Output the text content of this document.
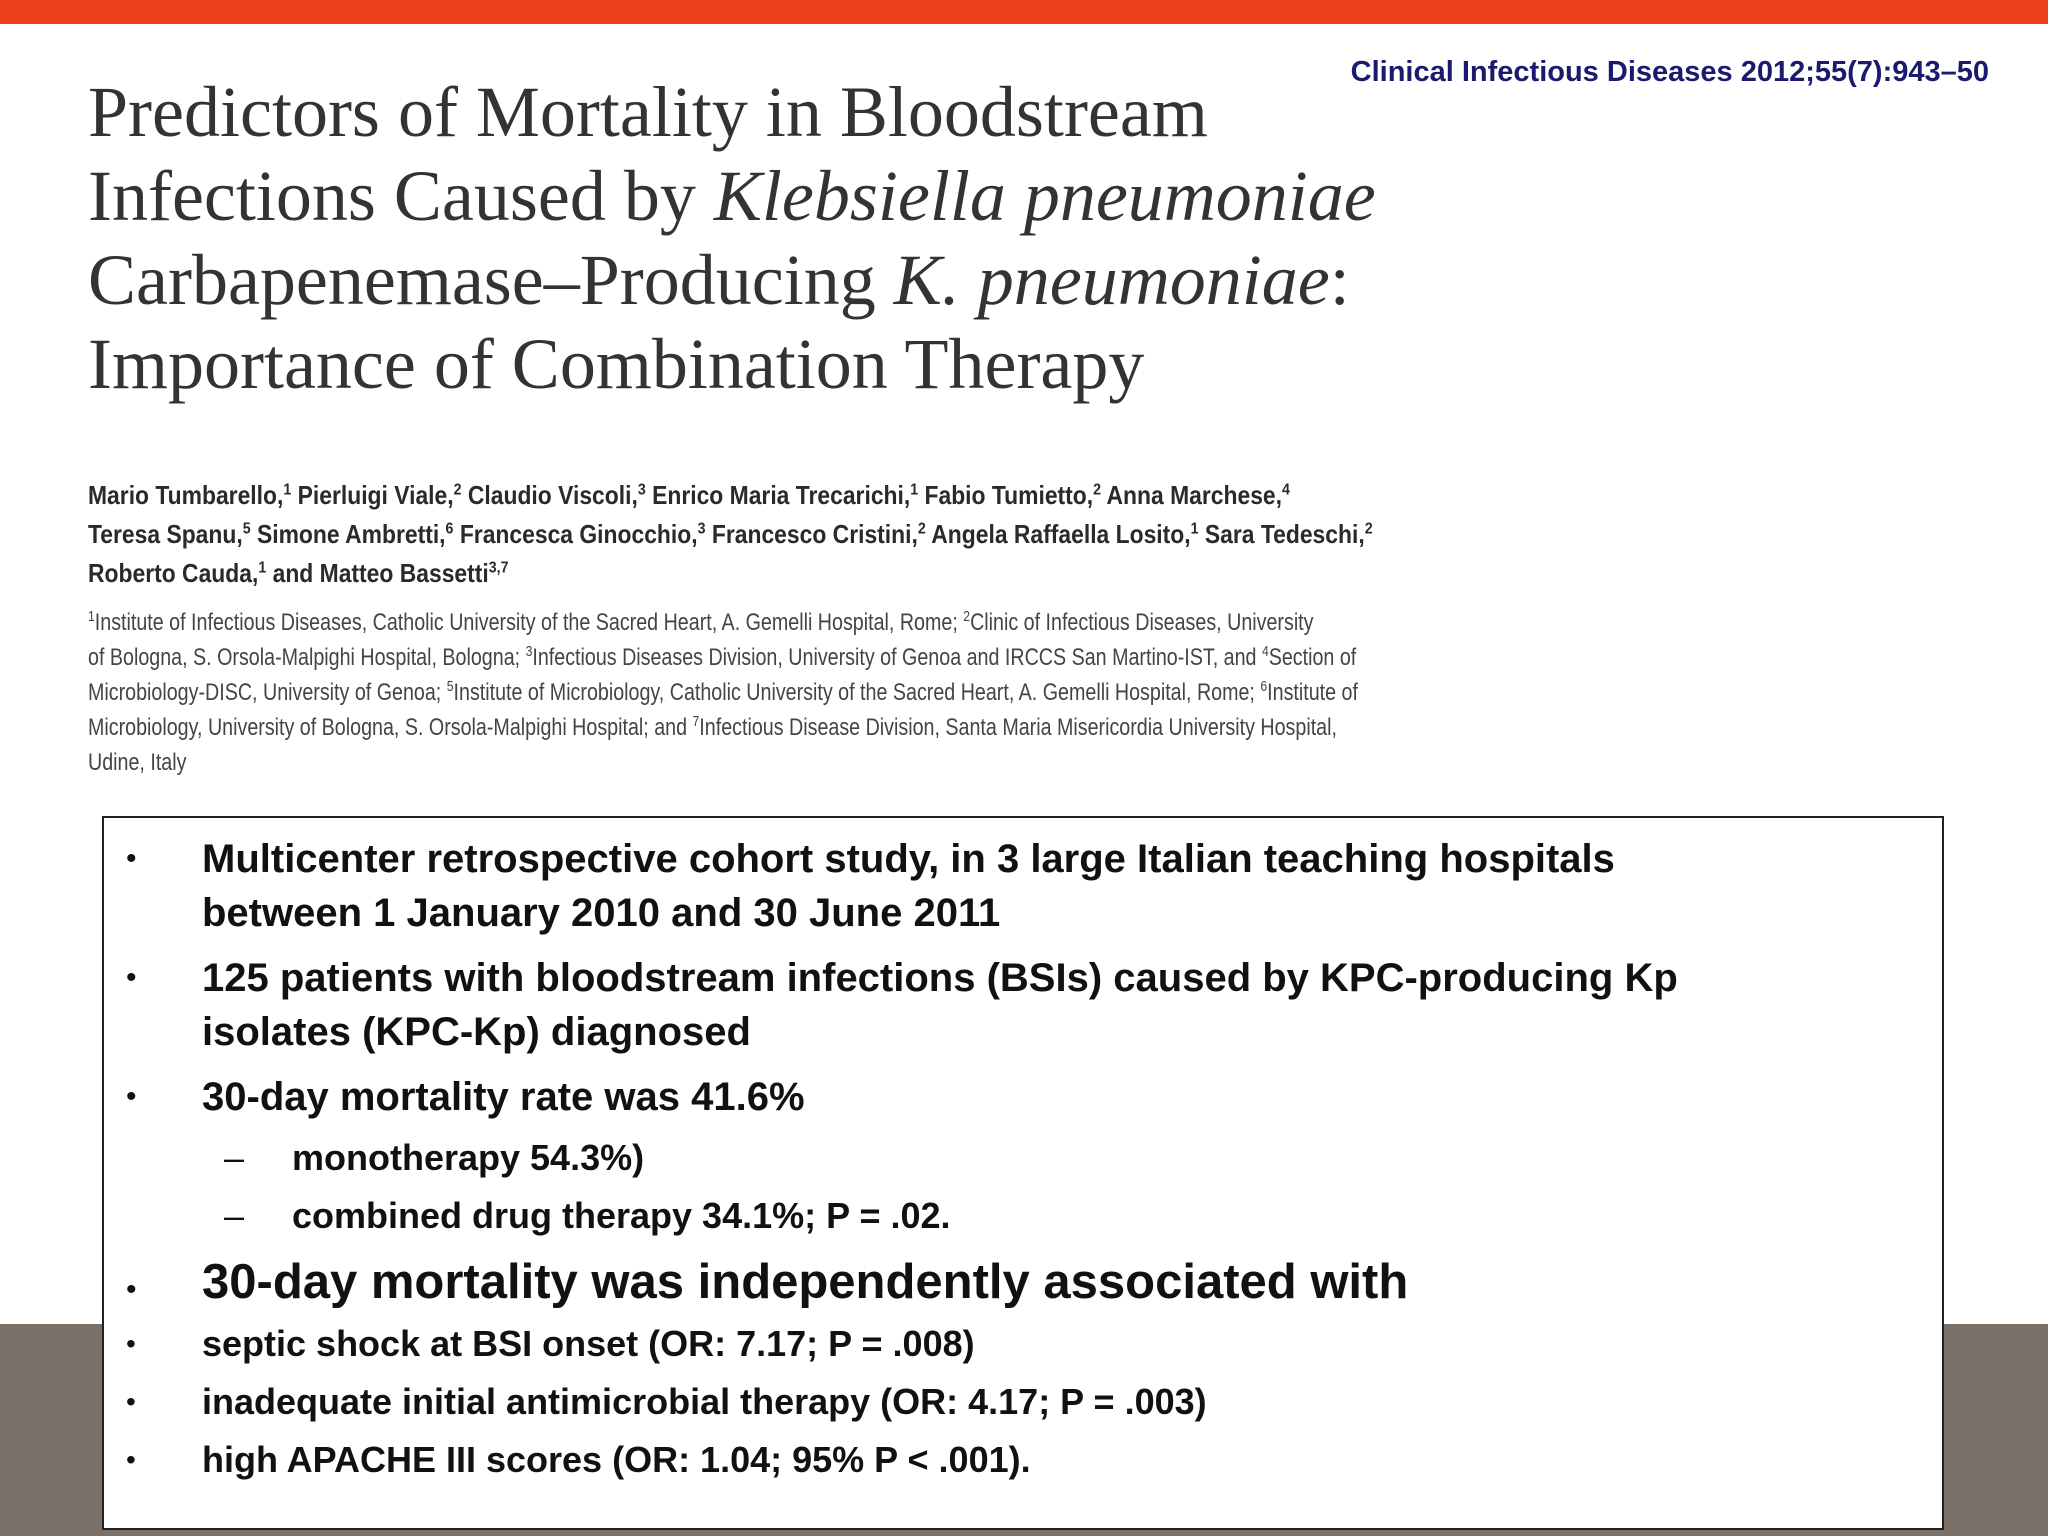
Clinical Infectious Diseases 2012;55(7):943–50
Predictors of Mortality in Bloodstream
Infections Caused by Klebsiella pneumoniae
Carbapenemase–Producing K. pneumoniae:
Importance of Combination Therapy
Mario Tumbarello,$^1$ Pierluigi Viale,$^2$ Claudio Viscoli,$^3$ Enrico Maria Trecarichi,$^1$ Fabio Tumietto,$^2$ Anna Marchese,$^4$
Teresa Spanu,$^5$ Simone Ambretti,$^6$ Francesca Ginocchio,$^3$ Francesco Cristini,$^2$ Angela Raffaella Losito,$^1$ Sara Tedeschi,$^2$
Roberto Cauda,$^1$ and Matteo Bassetti$^{3,7}$
$^1$Institute of Infectious Diseases, Catholic University of the Sacred Heart, A. Gemelli Hospital, Rome; $^2$Clinic of Infectious Diseases, University
of Bologna, S. Orsola-Malpighi Hospital, Bologna; $^3$Infectious Diseases Division, University of Genoa and IRCCS San Martino-IST, and $^4$Section of
Microbiology-DISC, University of Genoa; $^5$Institute of Microbiology, Catholic University of the Sacred Heart, A. Gemelli Hospital, Rome; $^6$Institute of
Microbiology, University of Bologna, S. Orsola-Malpighi Hospital; and $^7$Infectious Disease Division, Santa Maria Misericordia University Hospital,
Udine, Italy
• Multicenter retrospective cohort study, in 3 large Italian teaching hospitals
between 1 January 2010 and 30 June 2011
• 125 patients with bloodstream infections (BSIs) caused by KPC-producing Kp
isolates (KPC-Kp) diagnosed
• 30-day mortality rate was 41.6%
– monotherapy 54.3%)
– combined drug therapy 34.1%; P = .02.
• 30-day mortality was independently associated with
• septic shock at BSI onset (OR: 7.17; P = .008)
• inadequate initial antimicrobial therapy (OR: 4.17; P = .003)
• high APACHE III scores (OR: 1.04; 95% P < .001).
